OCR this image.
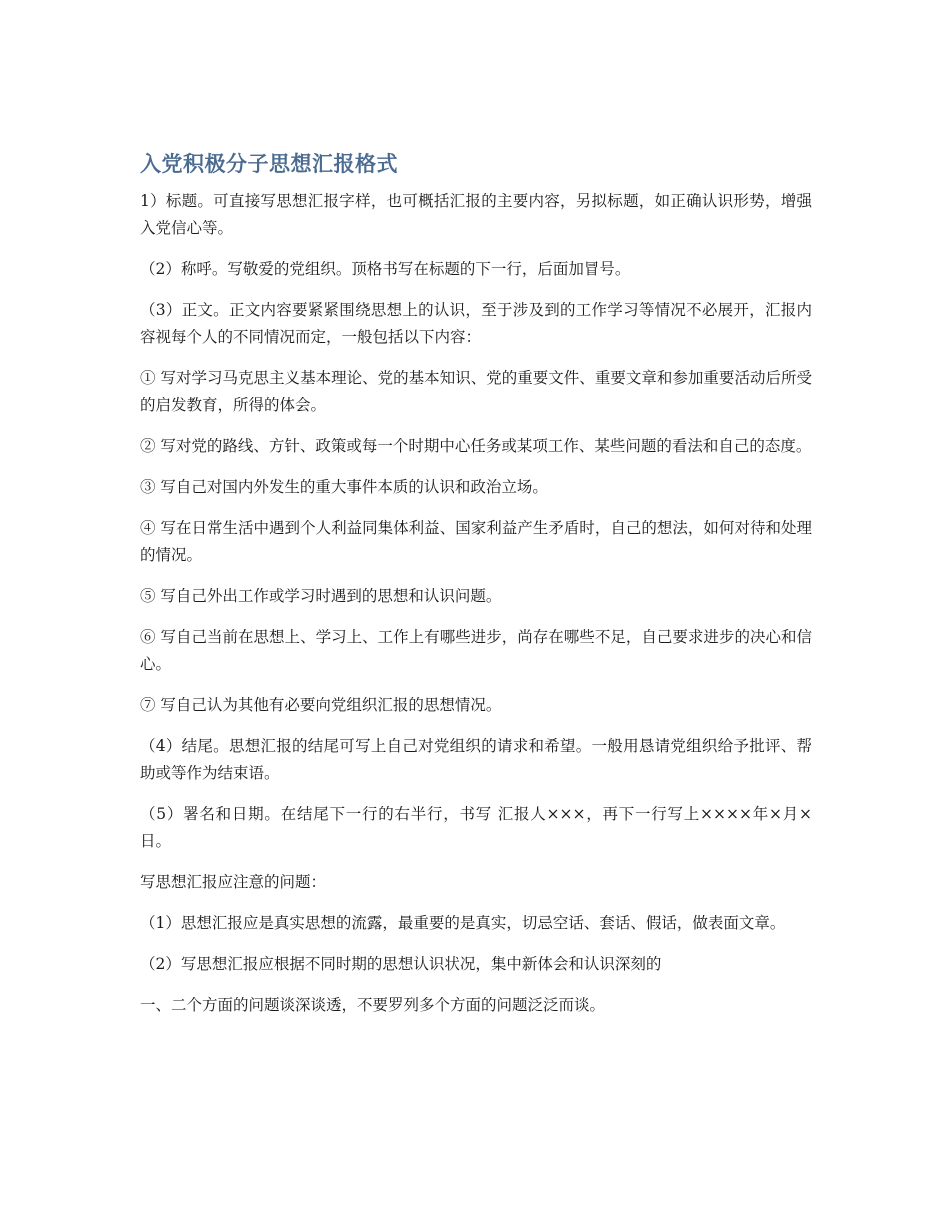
入党积极分子思想汇报格式

1）标题。可直接写思想汇报字样，也可概括汇报的主要内容，另拟标题，如正确认识形势，增强入党信心等。

（2）称呼。写敬爱的党组织。顶格书写在标题的下一行，后面加冒号。

（3）正文。正文内容要紧紧围绕思想上的认识，至于涉及到的工作学习等情况不必展开，汇报内容视每个人的不同情况而定，一般包括以下内容：

① 写对学习马克思主义基本理论、党的基本知识、党的重要文件、重要文章和参加重要活动后所受的启发教育，所得的体会。

② 写对党的路线、方针、政策或每一个时期中心任务或某项工作、某些问题的看法和自己的态度。

③ 写自己对国内外发生的重大事件本质的认识和政治立场。

④ 写在日常生活中遇到个人利益同集体利益、国家利益产生矛盾时，自己的想法，如何对待和处理的情况。

⑤ 写自己外出工作或学习时遇到的思想和认识问题。

⑥ 写自己当前在思想上、学习上、工作上有哪些进步，尚存在哪些不足，自己要求进步的决心和信心。

⑦ 写自己认为其他有必要向党组织汇报的思想情况。

（4）结尾。思想汇报的结尾可写上自己对党组织的请求和希望。一般用恳请党组织给予批评、帮助或等作为结束语。

（5）署名和日期。在结尾下一行的右半行，书写 汇报人×××，再下一行写上××××年×月×日。

写思想汇报应注意的问题：

（1）思想汇报应是真实思想的流露，最重要的是真实，切忌空话、套话、假话，做表面文章。

（2）写思想汇报应根据不同时期的思想认识状况，集中新体会和认识深刻的

一、二个方面的问题谈深谈透，不要罗列多个方面的问题泛泛而谈。
